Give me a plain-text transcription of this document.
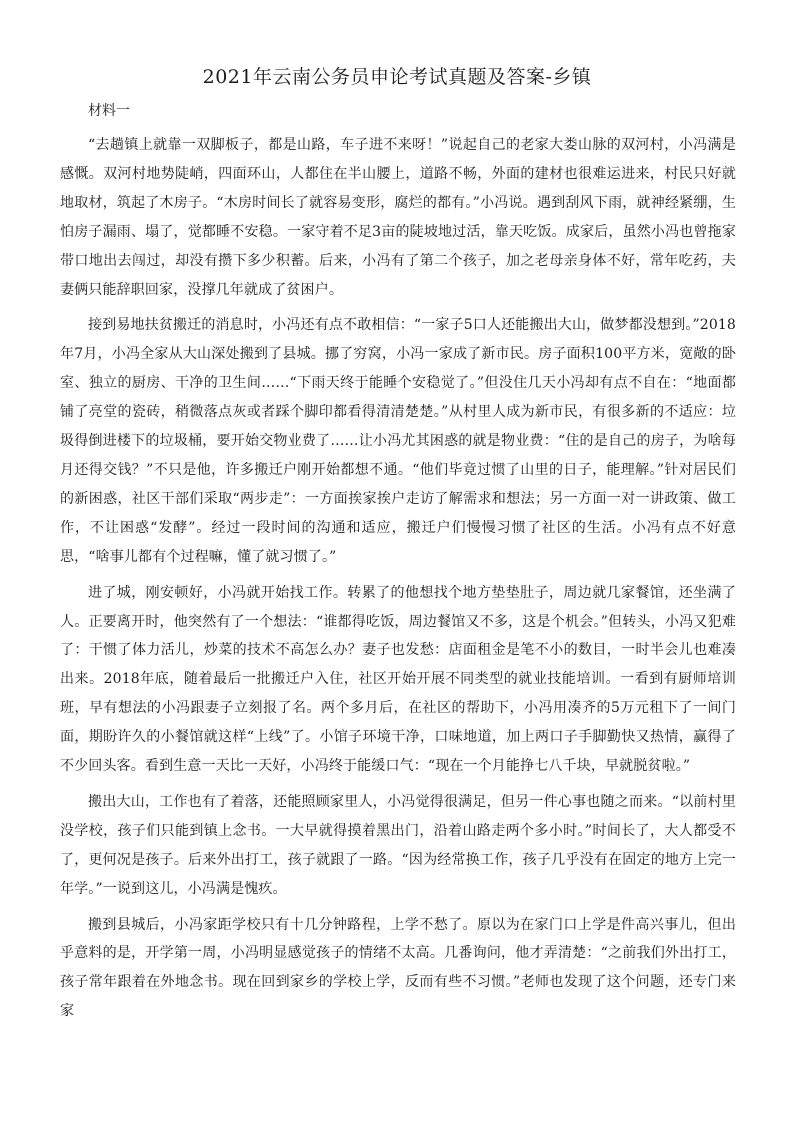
2021年云南公务员申论考试真题及答案-乡镇
材料一

“去趟镇上就靠一双脚板子，都是山路，车子进不来呀！”说起自己的老家大娄山脉的双河村，小冯满是感慨。双河村地势陡峭，四面环山，人都住在半山腰上，道路不畅，外面的建材也很难运进来，村民只好就地取材，筑起了木房子。“木房时间长了就容易变形，腐烂的都有。”小冯说。遇到刮风下雨，就神经紧绷，生怕房子漏雨、塌了，觉都睡不安稳。一家守着不足3亩的陡坡地过活，靠天吃饭。成家后，虽然小冯也曾拖家带口地出去闯过，却没有攒下多少积蓄。后来，小冯有了第二个孩子，加之老母亲身体不好，常年吃药，夫妻俩只能辞职回家，没撑几年就成了贫困户。

接到易地扶贫搬迁的消息时，小冯还有点不敢相信：“一家子5口人还能搬出大山，做梦都没想到。”2018年7月，小冯全家从大山深处搬到了县城。挪了穷窝，小冯一家成了新市民。房子面积100平方米，宽敞的卧室、独立的厨房、干净的卫生间……“下雨天终于能睡个安稳觉了。”但没住几天小冯却有点不自在：“地面都铺了亮堂的瓷砖，稍微落点灰或者踩个脚印都看得清清楚楚。”从村里人成为新市民，有很多新的不适应：垃圾得倒进楼下的垃圾桶，要开始交物业费了……让小冯尤其困惑的就是物业费：“住的是自己的房子，为啥每月还得交钱？”不只是他，许多搬迁户刚开始都想不通。“他们毕竟过惯了山里的日子，能理解。”针对居民们的新困惑，社区干部们采取“两步走”：一方面挨家挨户走访了解需求和想法；另一方面一对一讲政策、做工作，不让困惑“发酵”。经过一段时间的沟通和适应，搬迁户们慢慢习惯了社区的生活。小冯有点不好意思，“啥事儿都有个过程嘛，懂了就习惯了。”

进了城，刚安顿好，小冯就开始找工作。转累了的他想找个地方垫垫肚子，周边就几家餐馆，还坐满了人。正要离开时，他突然有了一个想法：“谁都得吃饭，周边餐馆又不多，这是个机会。”但转头，小冯又犯难了：干惯了体力活儿，炒菜的技术不高怎么办？妻子也发愁：店面租金是笔不小的数目，一时半会儿也难凑出来。2018年底，随着最后一批搬迁户入住，社区开始开展不同类型的就业技能培训。一看到有厨师培训班，早有想法的小冯跟妻子立刻报了名。两个多月后，在社区的帮助下，小冯用凑齐的5万元租下了一间门面，期盼许久的小餐馆就这样“上线”了。小馆子环境干净，口味地道，加上两口子手脚勤快又热情，赢得了不少回头客。看到生意一天比一天好，小冯终于能缓口气：“现在一个月能挣七八千块，早就脱贫啦。”

搬出大山，工作也有了着落，还能照顾家里人，小冯觉得很满足，但另一件心事也随之而来。“以前村里没学校，孩子们只能到镇上念书。一大早就得摸着黑出门，沿着山路走两个多小时。”时间长了，大人都受不了，更何况是孩子。后来外出打工，孩子就跟了一路。“因为经常换工作，孩子几乎没有在固定的地方上完一年学。”一说到这儿，小冯满是愧疚。

搬到县城后，小冯家距学校只有十几分钟路程，上学不愁了。原以为在家门口上学是件高兴事儿，但出乎意料的是，开学第一周，小冯明显感觉孩子的情绪不太高。几番询问，他才弄清楚：“之前我们外出打工，孩子常年跟着在外地念书。现在回到家乡的学校上学，反而有些不习惯。”老师也发现了这个问题，还专门来家
